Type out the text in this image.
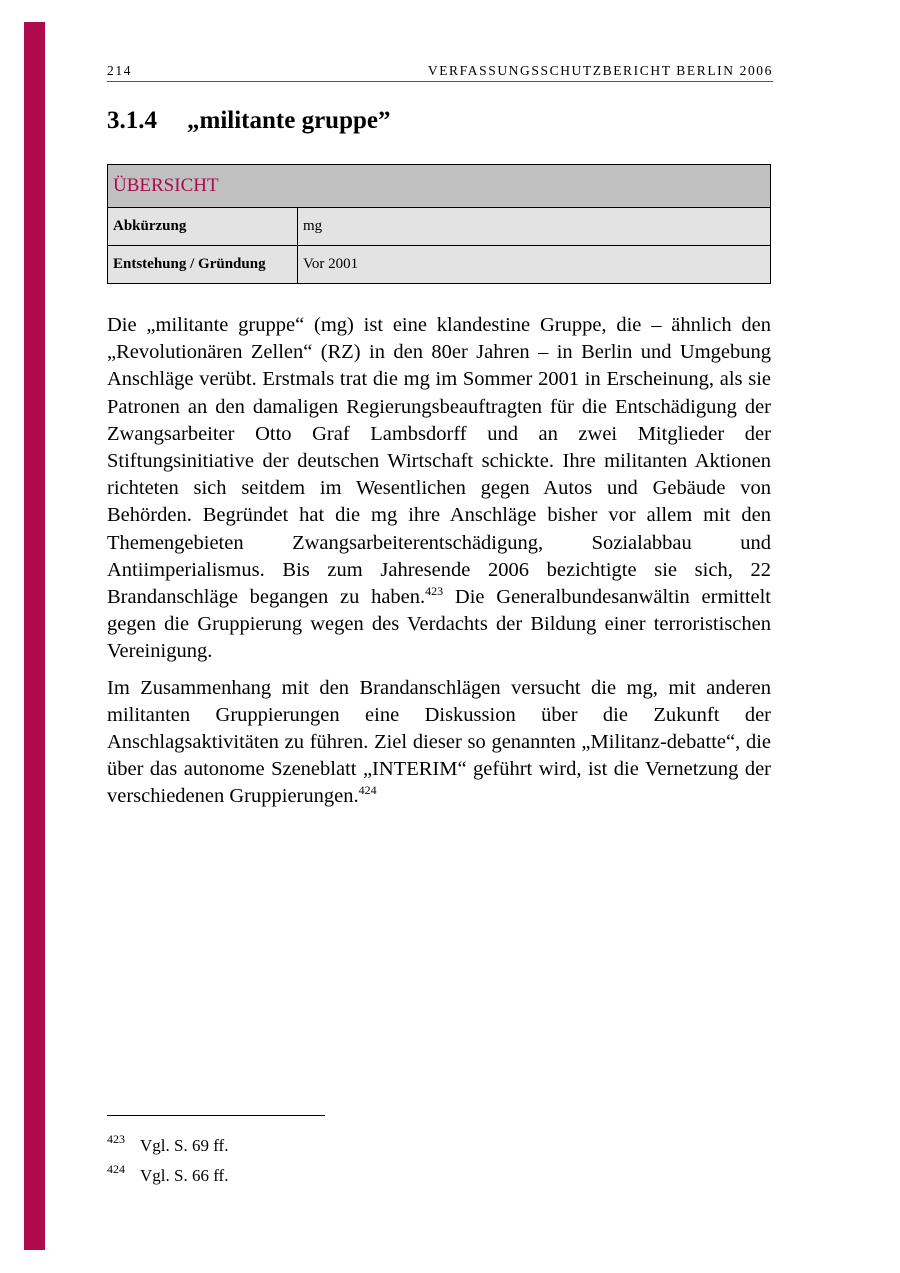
214	VERFASSUNGSSCHUTZBERICHT BERLIN 2006
3.1.4 „militante gruppe”
ÜBERSICHT	
Abkürzung	mg
Entstehung / Gründung	Vor 2001

Die „militante gruppe“ (mg) ist eine klandestine Gruppe, die – ähnlich den „Revolutionären Zellen“ (RZ) in den 80er Jahren – in Berlin und Umgebung Anschläge verübt. Erstmals trat die mg im Sommer 2001 in Erscheinung, als sie Patronen an den damaligen Regierungsbeauftragten für die Entschädigung der Zwangsarbeiter Otto Graf Lambsdorff und an zwei Mitglieder der Stiftungsinitiative der deutschen Wirtschaft schickte. Ihre militanten Aktionen richteten sich seitdem im Wesentlichen gegen Autos und Gebäude von Behörden. Begründet hat die mg ihre Anschläge bisher vor allem mit den Themengebieten Zwangsarbeiterentschädigung, Sozialabbau und Antiimperialismus. Bis zum Jahresende 2006 bezichtigte sie sich, 22 Brandanschläge begangen zu haben.$^{423}$ Die Generalbundesanwältin ermittelt gegen die Gruppierung wegen des Verdachts der Bildung einer terroristischen Vereinigung.

Im Zusammenhang mit den Brandanschlägen versucht die mg, mit anderen militanten Gruppierungen eine Diskussion über die Zukunft der Anschlagsaktivitäten zu führen. Ziel dieser so genannten „Militanz-debatte“, die über das autonome Szeneblatt „INTERIM“ geführt wird, ist die Vernetzung der verschiedenen Gruppierungen.$^{424}$

423 Vgl. S. 69 ff.
424 Vgl. S. 66 ff.
